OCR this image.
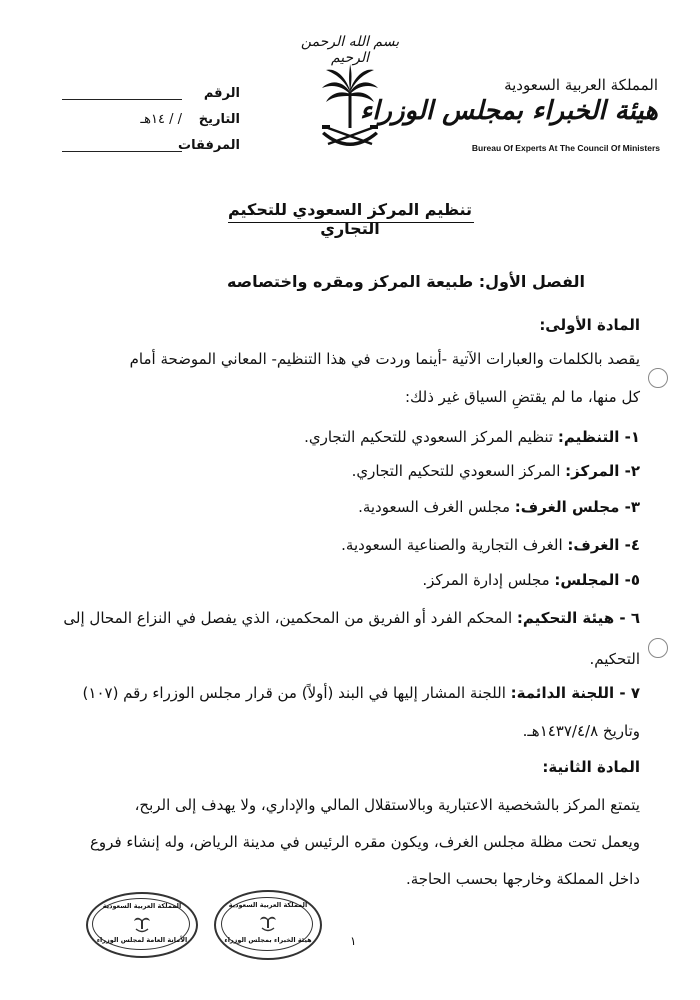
بسم الله الرحمن الرحيم
المملكة العربية السعودية
هيئة الخبراء بمجلس الوزراء
Bureau Of Experts At The Council Of Ministers
الرقم
التاريخ
/ / ١٤هـ
المرفقات
تنظيم المركز السعودي للتحكيم التجاري
الفصل الأول: طبيعة المركز ومقره واختصاصه
المادة الأولى:
يقصد بالكلمات والعبارات الآتية -أينما وردت في هذا التنظيم- المعاني الموضحة أمام
كل منها، ما لم يقتضِ السياق غير ذلك:
١- التنظيم: تنظيم المركز السعودي للتحكيم التجاري.
٢- المركز: المركز السعودي للتحكيم التجاري.
٣- مجلس الغرف: مجلس الغرف السعودية.
٤- الغرف: الغرف التجارية والصناعية السعودية.
٥- المجلس: مجلس إدارة المركز.
٦ - هيئة التحكيم: المحكم الفرد أو الفريق من المحكمين، الذي يفصل في النزاع المحال إلى
التحكيم.
٧ - اللجنة الدائمة: اللجنة المشار إليها في البند (أولاً) من قرار مجلس الوزراء رقم (١٠٧)
وتاريخ ١٤٣٧/٤/٨هـ.
المادة الثانية:
يتمتع المركز بالشخصية الاعتبارية وبالاستقلال المالي والإداري، ولا يهدف إلى الربح،
ويعمل تحت مظلة مجلس الغرف، ويكون مقره الرئيس في مدينة الرياض، وله إنشاء فروع
داخل المملكة وخارجها بحسب الحاجة.
١
المملكة العربية السعودية
الأمانة العامة لمجلس الوزراء
المملكة العربية السعودية
هيئة الخبراء بمجلس الوزراء
